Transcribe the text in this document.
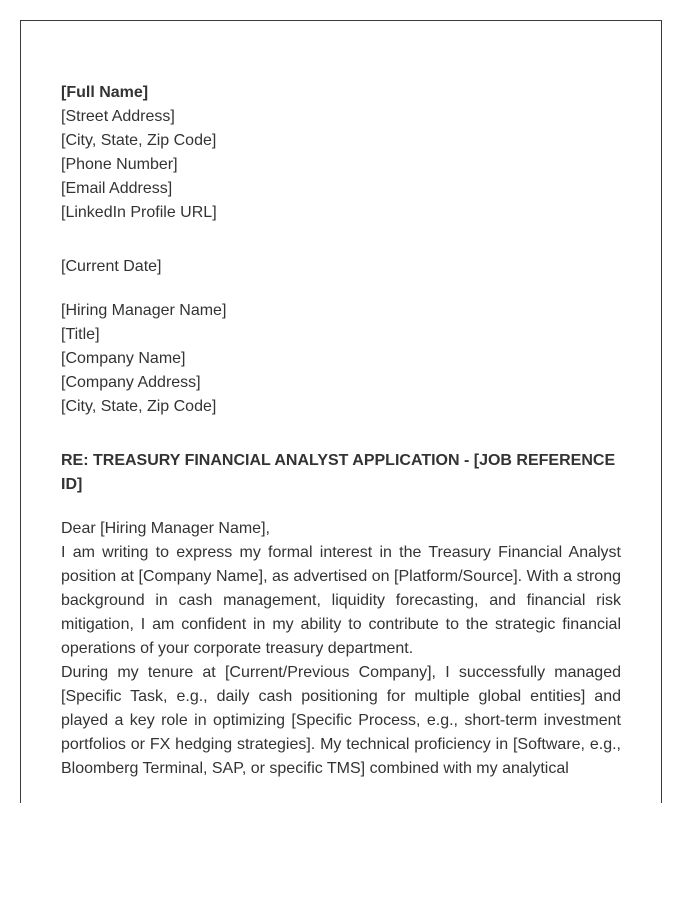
[Full Name]
[Street Address]
[City, State, Zip Code]
[Phone Number]
[Email Address]
[LinkedIn Profile URL]
[Current Date]
[Hiring Manager Name]
[Title]
[Company Name]
[Company Address]
[City, State, Zip Code]
RE: TREASURY FINANCIAL ANALYST APPLICATION - [JOB REFERENCE ID]
Dear [Hiring Manager Name],

I am writing to express my formal interest in the Treasury Financial Analyst position at [Company Name], as advertised on [Platform/Source]. With a strong background in cash management, liquidity forecasting, and financial risk mitigation, I am confident in my ability to contribute to the strategic financial operations of your corporate treasury department.

During my tenure at [Current/Previous Company], I successfully managed [Specific Task, e.g., daily cash positioning for multiple global entities] and played a key role in optimizing [Specific Process, e.g., short-term investment portfolios or FX hedging strategies]. My technical proficiency in [Software, e.g., Bloomberg Terminal, SAP, or specific TMS] combined with my analytical
